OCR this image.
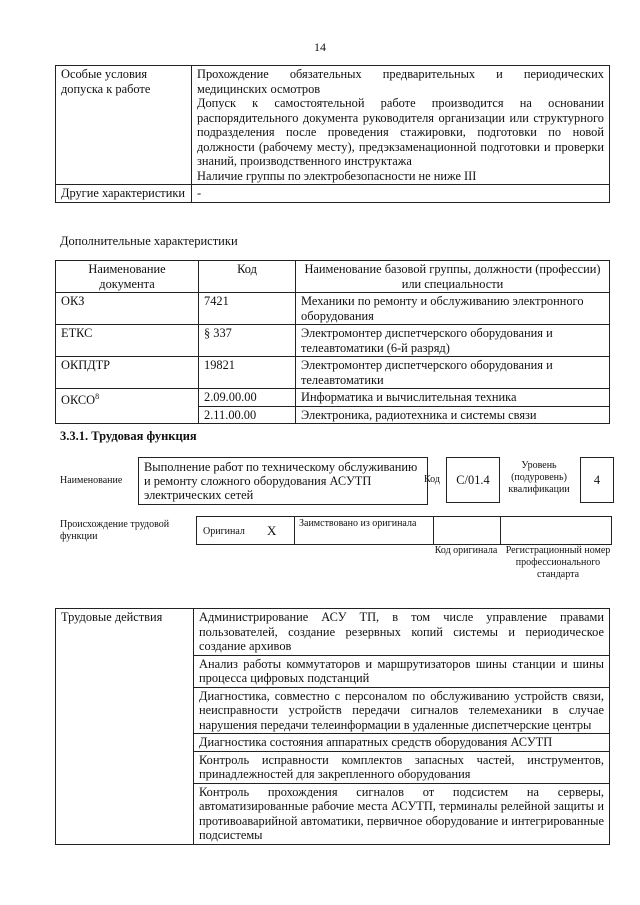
14
Особые условия допуска к работе	Прохождение обязательных предварительных и периодических медицинских осмотров
Допуск к самостоятельной работе производится на основании распорядительного документа руководителя организации или структурного подразделения после проведения стажировки, подготовки по новой должности (рабочему месту), предэкзаменационной подготовки и проверки знаний, производственного инструктажа
Наличие группы по электробезопасности не ниже III

Другие характеристики	-
Дополнительные характеристики
Наименование документа	Код	Наименование базовой группы, должности (профессии) или специальности
ОКЗ	7421	Механики по ремонту и обслуживанию электронного оборудования
ЕТКС	§ 337	Электромонтер диспетчерского оборудования и телеавтоматики (6-й разряд)
ОКПДТР	19821	Электромонтер диспетчерского оборудования и телеавтоматики
ОКСО$^8$	2.09.00.00	Информатика и вычислительная техника
	2.11.00.00	Электроника, радиотехника и системы связи
3.3.1. Трудовая функция
Наименование
Выполнение работ по техническому обслуживанию и ремонту сложного оборудования АСУТП электрических сетей
Код	C/01.4
Уровень (подуровень) квалификации
4
Происхождение трудовой функции	Оригинал X Заимствовано из оригинала
Код оригинала Регистрационный номер профессионального стандарта
Трудовые действия	Администрирование АСУ ТП, в том числе управление правами пользователей, создание резервных копий системы и периодическое создание архивов
Анализ работы коммутаторов и маршрутизаторов шины станции и шины процесса цифровых подстанций
Диагностика, совместно с персоналом по обслуживанию устройств связи, неисправности устройств передачи сигналов телемеханики в случае нарушения передачи телеинформации в удаленные диспетчерские центры
Диагностика состояния аппаратных средств оборудования АСУТП
Контроль исправности комплектов запасных частей, инструментов, принадлежностей для закрепленного оборудования
Контроль прохождения сигналов от подсистем на серверы, автоматизированные рабочие места АСУТП, терминалы релейной защиты и противоаварийной автоматики, первичное оборудование и интегрированные подсистемы
